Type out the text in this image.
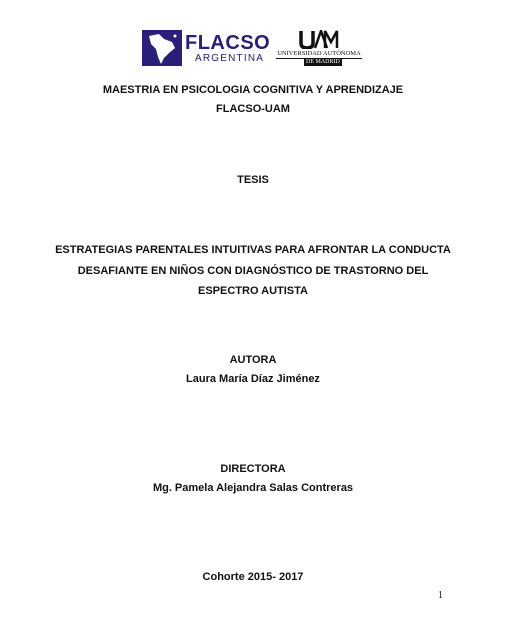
FLACSO
ARGENTINA	UNIVERSIDAD AUTÓNOMA
DE MADRID

MAESTRIA EN PSICOLOGIA COGNITIVA Y APRENDIZAJE

FLACSO-UAM

TESIS

ESTRATEGIAS PARENTALES INTUITIVAS PARA AFRONTAR LA CONDUCTA
DESAFIANTE EN NIÑOS CON DIAGNÓSTICO DE TRASTORNO DEL
ESPECTRO AUTISTA

AUTORA

Laura María Díaz Jiménez

DIRECTORA

Mg. Pamela Alejandra Salas Contreras

Cohorte 2015- 2017

1
